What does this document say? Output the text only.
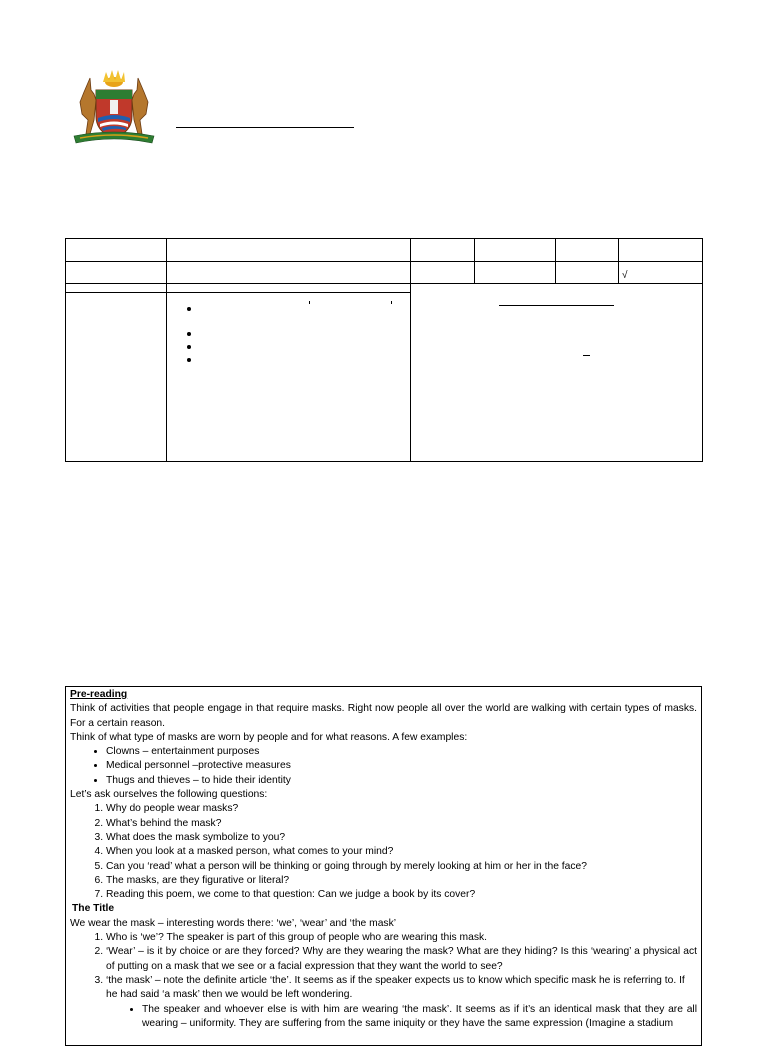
					√

Pre-reading

Think of activities that people engage in that require masks. Right now people all over the world are walking with certain types of masks. For a certain reason.

Think of what type of masks are worn by people and for what reasons. A few examples:

• Clowns – entertainment purposes
• Medical personnel –protective measures
• Thugs and thieves – to hide their identity

Let’s ask ourselves the following questions:

1. Why do people wear masks?
2. What’s behind the mask?
3. What does the mask symbolize to you?
4. When you look at a masked person, what comes to your mind?
5. Can you ‘read’ what a person will be thinking or going through by merely looking at him or her in the face?
6. The masks, are they figurative or literal?
7. Reading this poem, we come to that question: Can we judge a book by its cover?

The Title

We wear the mask – interesting words there: ‘we’, ‘wear’ and ‘the mask’

1. Who is ‘we’? The speaker is part of this group of people who are wearing this mask.
2. ‘Wear’ – is it by choice or are they forced? Why are they wearing the mask? What are they hiding? Is this ‘wearing’ a physical act of putting on a mask that we see or a facial expression that they want the world to see?
3. ‘the mask’ – note the definite article ‘the’. It seems as if the speaker expects us to know which specific mask he is referring to. If he had said ‘a mask’ then we would be left wondering.
• The speaker and whoever else is with him are wearing ‘the mask’. It seems as if it’s an identical mask that they are all wearing – uniformity. They are suffering from the same iniquity or they have the same expression (Imagine a stadium
